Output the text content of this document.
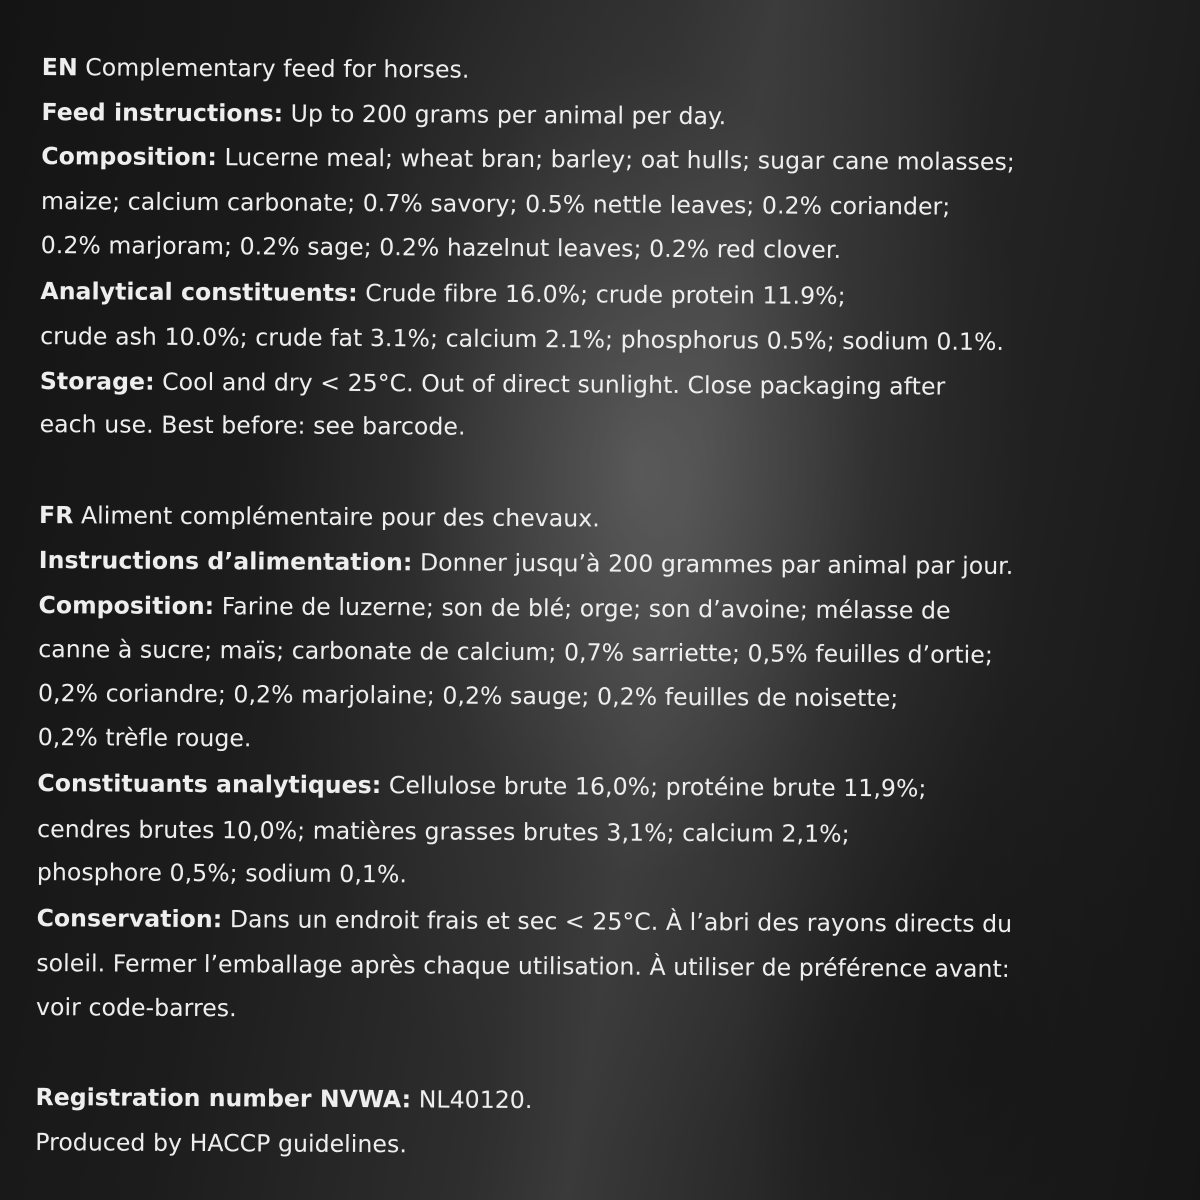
EN Complementary feed for horses.
Feed instructions: Up to 200 grams per animal per day.
Composition: Lucerne meal; wheat bran; barley; oat hulls; sugar cane molasses;
maize; calcium carbonate; 0.7% savory; 0.5% nettle leaves; 0.2% coriander;
0.2% marjoram; 0.2% sage; 0.2% hazelnut leaves; 0.2% red clover.
Analytical constituents: Crude fibre 16.0%; crude protein 11.9%;
crude ash 10.0%; crude fat 3.1%; calcium 2.1%; phosphorus 0.5%; sodium 0.1%.
Storage: Cool and dry < 25°C. Out of direct sunlight. Close packaging after
each use. Best before: see barcode.
FR Aliment complémentaire pour des chevaux.
Instructions d’alimentation: Donner jusqu’à 200 grammes par animal par jour.
Composition: Farine de luzerne; son de blé; orge; son d’avoine; mélasse de
canne à sucre; maïs; carbonate de calcium; 0,7% sarriette; 0,5% feuilles d’ortie;
0,2% coriandre; 0,2% marjolaine; 0,2% sauge; 0,2% feuilles de noisette;
0,2% trèfle rouge.
Constituants analytiques: Cellulose brute 16,0%; protéine brute 11,9%;
cendres brutes 10,0%; matières grasses brutes 3,1%; calcium 2,1%;
phosphore 0,5%; sodium 0,1%.
Conservation: Dans un endroit frais et sec < 25°C. À l’abri des rayons directs du
soleil. Fermer l’emballage après chaque utilisation. À utiliser de préférence avant:
voir code-barres.
Registration number NVWA: NL40120.
Produced by HACCP guidelines.
